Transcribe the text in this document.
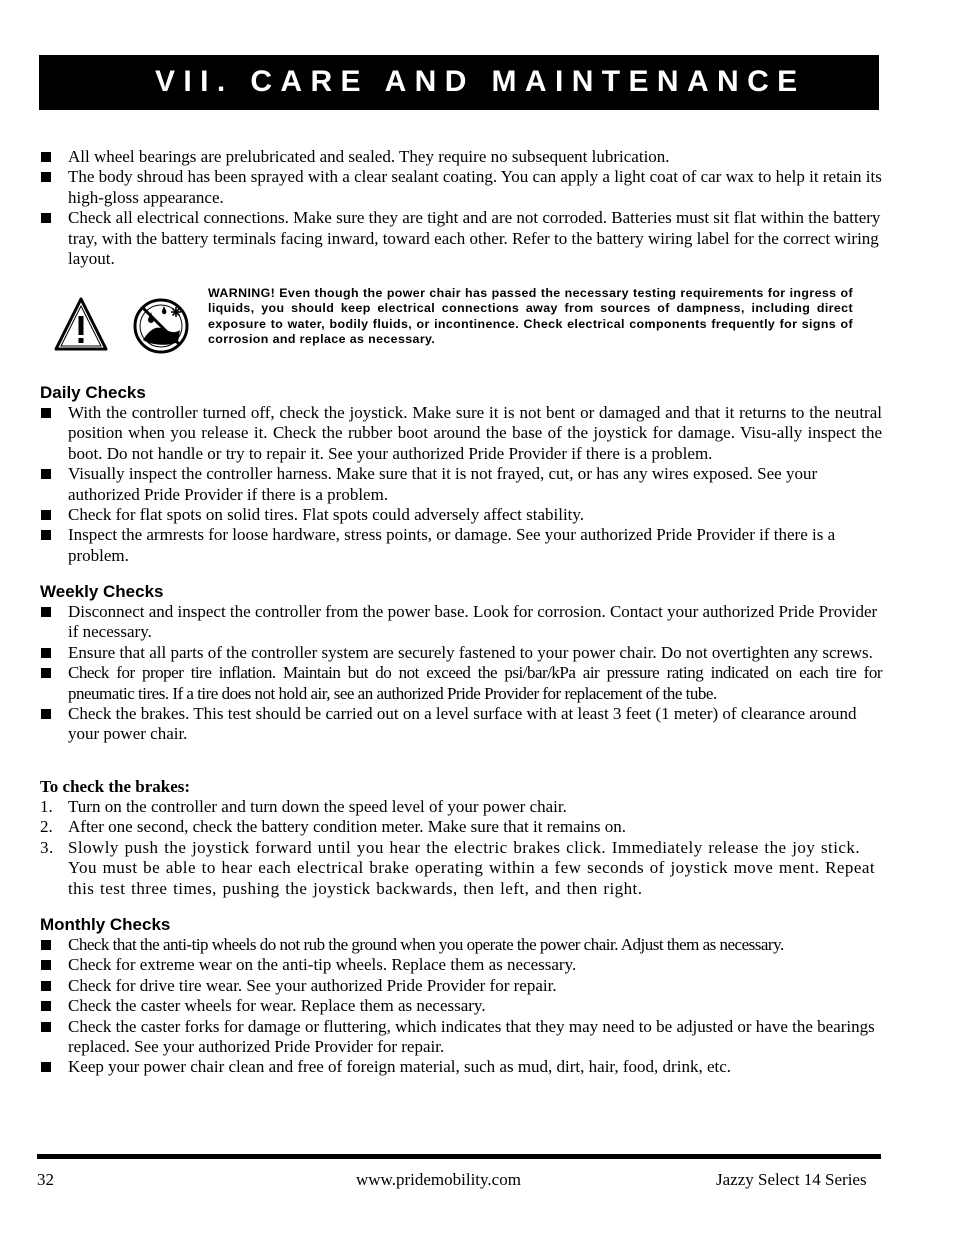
VII. CARE AND MAINTENANCE
All wheel bearings are prelubricated and sealed. They require no subsequent lubrication.
The body shroud has been sprayed with a clear sealant coating. You can apply a light coat of car wax to help it retain its high-gloss appearance.
Check all electrical connections. Make sure they are tight and are not corroded. Batteries must sit flat within the battery tray, with the battery terminals facing inward, toward each other. Refer to the battery wiring label for the correct wiring layout.
WARNING! Even though the power chair has passed the necessary testing requirements for ingress of liquids, you should keep electrical connections away from sources of dampness, including direct exposure to water, bodily fluids, or incontinence. Check electrical components frequently for signs of corrosion and replace as necessary.
Daily Checks
With the controller turned off, check the joystick. Make sure it is not bent or damaged and that it returns to the neutral position when you release it. Check the rubber boot around the base of the joystick for damage. Visu-ally inspect the boot. Do not handle or try to repair it. See your authorized Pride Provider if there is a problem.
Visually inspect the controller harness. Make sure that it is not frayed, cut, or has any wires exposed. See your authorized Pride Provider if there is a problem.
Check for flat spots on solid tires. Flat spots could adversely affect stability.
Inspect the armrests for loose hardware, stress points, or damage. See your authorized Pride Provider if there is a problem.
Weekly Checks
Disconnect and inspect the controller from the power base. Look for corrosion. Contact your authorized Pride Provider if necessary.
Ensure that all parts of the controller system are securely fastened to your power chair. Do not overtighten any screws.
Check for proper tire inflation. Maintain but do not exceed the psi/bar/kPa air pressure rating indicated on each tire for pneumatic tires. If a tire does not hold air, see an authorized Pride Provider for replacement of the tube.
Check the brakes. This test should be carried out on a level surface with at least 3 feet (1 meter) of clearance around your power chair.
To check the brakes:
1. Turn on the controller and turn down the speed level of your power chair.
2. After one second, check the battery condition meter. Make sure that it remains on.
3. Slowly push the joystick forward until you hear the electric brakes click. Immediately release the joy stick. You must be able to hear each electrical brake operating within a few seconds of joystick move ment. Repeat this test three times, pushing the joystick backwards, then left, and then right.
Monthly Checks
Check that the anti-tip wheels do not rub the ground when you operate the power chair. Adjust them as necessary.
Check for extreme wear on the anti-tip wheels. Replace them as necessary.
Check for drive tire wear. See your authorized Pride Provider for repair.
Check the caster wheels for wear. Replace them as necessary.
Check the caster forks for damage or fluttering, which indicates that they may need to be adjusted or have the bearings replaced. See your authorized Pride Provider for repair.
Keep your power chair clean and free of foreign material, such as mud, dirt, hair, food, drink, etc.
32	www.pridemobility.com	Jazzy Select 14 Series
